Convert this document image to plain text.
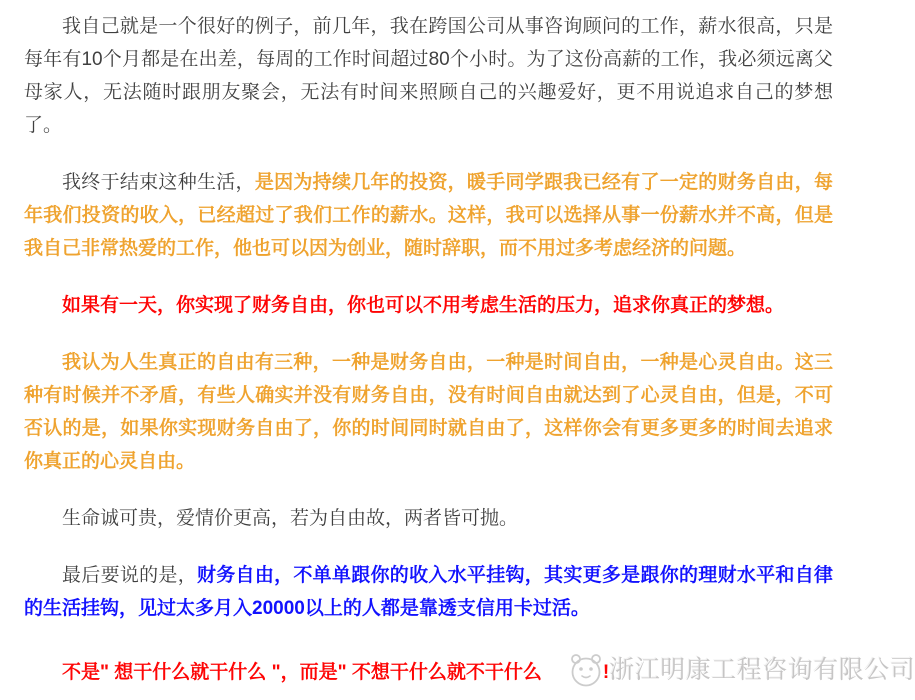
我自己就是一个很好的例子，前几年，我在跨国公司从事咨询顾问的工作，薪水很高，只是每年有10个月都是在出差，每周的工作时间超过80个小时。为了这份高薪的工作，我必须远离父母家人，无法随时跟朋友聚会，无法有时间来照顾自己的兴趣爱好，更不用说追求自己的梦想了。

我终于结束这种生活，是因为持续几年的投资，暖手同学跟我已经有了一定的财务自由，每年我们投资的收入，已经超过了我们工作的薪水。这样，我可以选择从事一份薪水并不高，但是我自己非常热爱的工作，他也可以因为创业，随时辞职，而不用过多考虑经济的问题。

如果有一天，你实现了财务自由，你也可以不用考虑生活的压力，追求你真正的梦想。

我认为人生真正的自由有三种，一种是财务自由，一种是时间自由，一种是心灵自由。这三种有时候并不矛盾，有些人确实并没有财务自由，没有时间自由就达到了心灵自由，但是，不可否认的是，如果你实现财务自由了，你的时间同时就自由了，这样你会有更多更多的时间去追求你真正的心灵自由。

生命诚可贵，爱情价更高，若为自由故，两者皆可抛。

最后要说的是，财务自由，不单单跟你的收入水平挂钩，其实更多是跟你的理财水平和自律的生活挂钩，见过太多月入20000以上的人都是靠透支信用卡过活。

不是" 想干什么就干什么 "，而是" 不想干什么就不干什么	!浙江明康工程咨询有限公司
